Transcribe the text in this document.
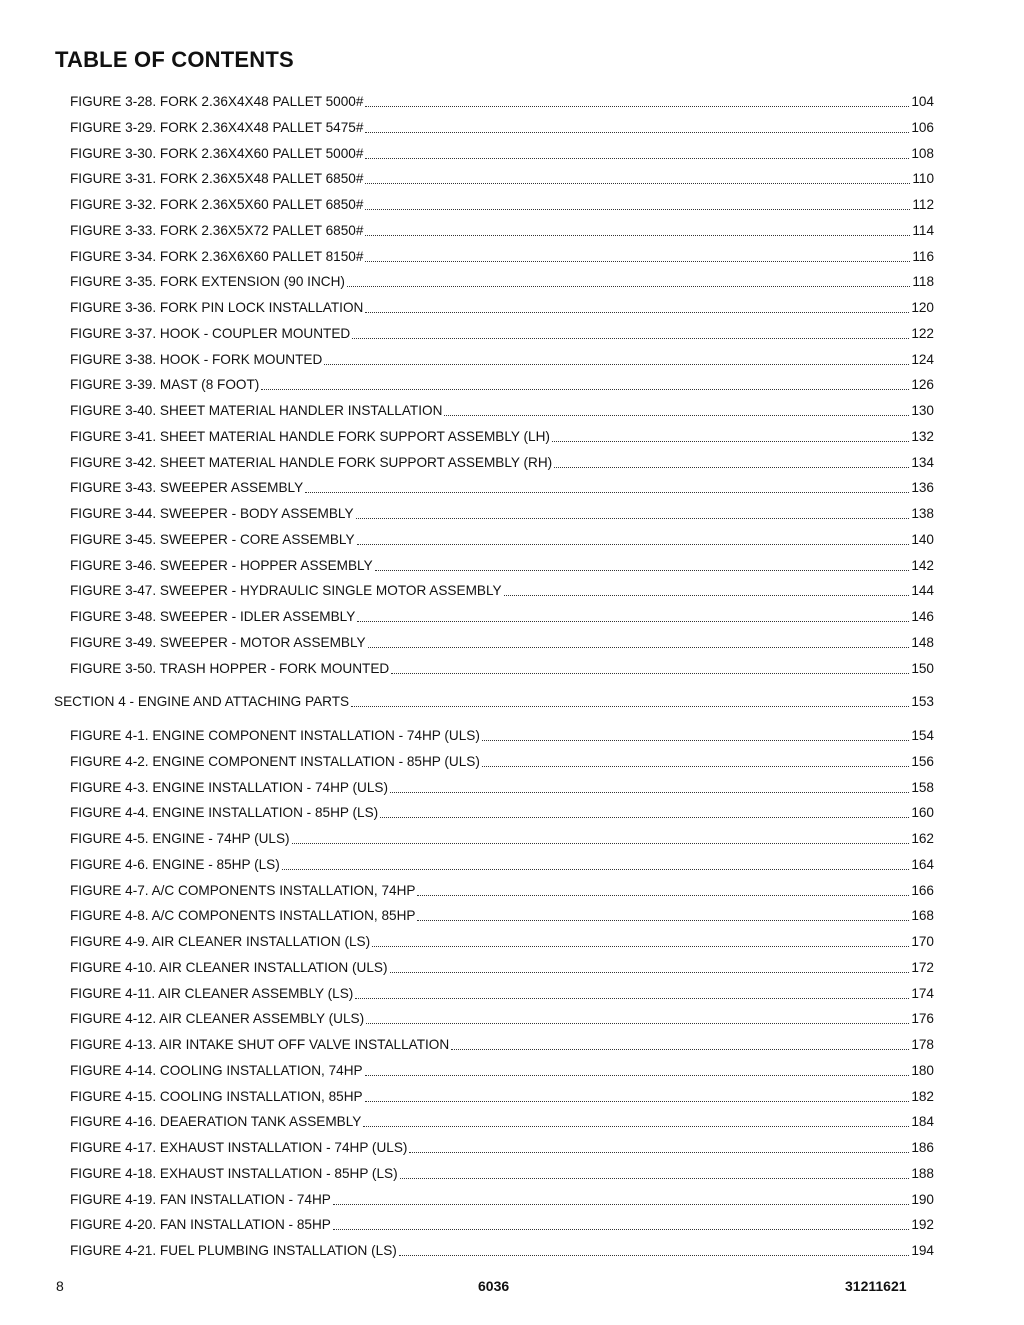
TABLE OF CONTENTS
FIGURE 3-28. FORK 2.36X4X48 PALLET 5000#	104
FIGURE 3-29. FORK 2.36X4X48 PALLET 5475#	106
FIGURE 3-30. FORK 2.36X4X60 PALLET 5000#	108
FIGURE 3-31. FORK 2.36X5X48 PALLET 6850#	110
FIGURE 3-32. FORK 2.36X5X60 PALLET 6850#	112
FIGURE 3-33. FORK 2.36X5X72 PALLET 6850#	114
FIGURE 3-34. FORK 2.36X6X60 PALLET 8150#	116
FIGURE 3-35. FORK EXTENSION (90 INCH)	118
FIGURE 3-36. FORK PIN LOCK INSTALLATION	120
FIGURE 3-37. HOOK - COUPLER MOUNTED	122
FIGURE 3-38. HOOK - FORK MOUNTED	124
FIGURE 3-39. MAST (8 FOOT)	126
FIGURE 3-40. SHEET MATERIAL HANDLER INSTALLATION	130
FIGURE 3-41. SHEET MATERIAL HANDLE FORK SUPPORT ASSEMBLY (LH)	132
FIGURE 3-42. SHEET MATERIAL HANDLE FORK SUPPORT ASSEMBLY (RH)	134
FIGURE 3-43. SWEEPER ASSEMBLY	136
FIGURE 3-44. SWEEPER - BODY ASSEMBLY	138
FIGURE 3-45. SWEEPER - CORE ASSEMBLY	140
FIGURE 3-46. SWEEPER - HOPPER ASSEMBLY	142
FIGURE 3-47. SWEEPER - HYDRAULIC SINGLE MOTOR ASSEMBLY	144
FIGURE 3-48. SWEEPER - IDLER ASSEMBLY	146
FIGURE 3-49. SWEEPER - MOTOR ASSEMBLY	148
FIGURE 3-50. TRASH HOPPER - FORK MOUNTED	150
SECTION 4 - ENGINE AND ATTACHING PARTS	153
FIGURE 4-1. ENGINE COMPONENT INSTALLATION - 74HP (ULS)	154
FIGURE 4-2. ENGINE COMPONENT INSTALLATION - 85HP (ULS)	156
FIGURE 4-3. ENGINE INSTALLATION - 74HP (ULS)	158
FIGURE 4-4. ENGINE INSTALLATION - 85HP (LS)	160
FIGURE 4-5. ENGINE - 74HP (ULS)	162
FIGURE 4-6. ENGINE - 85HP (LS)	164
FIGURE 4-7. A/C COMPONENTS INSTALLATION, 74HP	166
FIGURE 4-8. A/C COMPONENTS INSTALLATION, 85HP	168
FIGURE 4-9. AIR CLEANER INSTALLATION (LS)	170
FIGURE 4-10. AIR CLEANER INSTALLATION (ULS)	172
FIGURE 4-11. AIR CLEANER ASSEMBLY (LS)	174
FIGURE 4-12. AIR CLEANER ASSEMBLY (ULS)	176
FIGURE 4-13. AIR INTAKE SHUT OFF VALVE INSTALLATION	178
FIGURE 4-14. COOLING INSTALLATION, 74HP	180
FIGURE 4-15. COOLING INSTALLATION, 85HP	182
FIGURE 4-16. DEAERATION TANK ASSEMBLY	184
FIGURE 4-17. EXHAUST INSTALLATION - 74HP (ULS)	186
FIGURE 4-18. EXHAUST INSTALLATION - 85HP (LS)	188
FIGURE 4-19. FAN INSTALLATION - 74HP	190
FIGURE 4-20. FAN INSTALLATION - 85HP	192
FIGURE 4-21. FUEL PLUMBING INSTALLATION (LS)	194
8	6036	31211621
